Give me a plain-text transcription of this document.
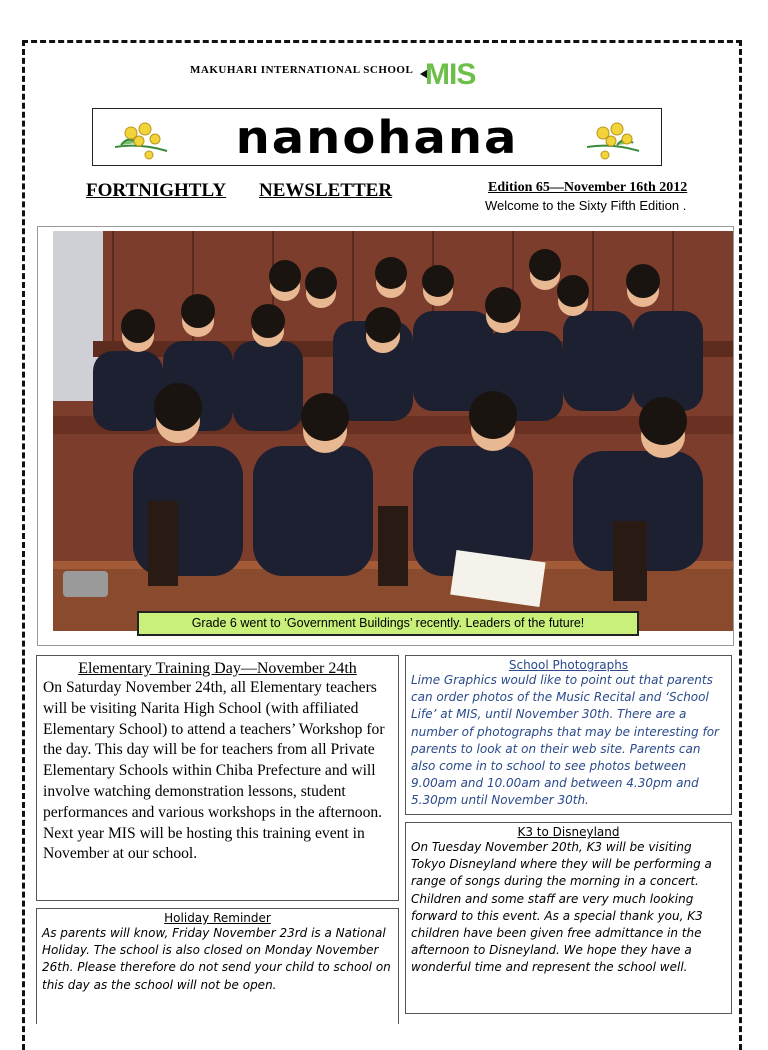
MAKUHARI INTERNATIONAL SCHOOL MIS
nanohana
FORTNIGHTLY NEWSLETTER	Edition 65—November 16th 2012
Welcome to the Sixty Fifth Edition .
Grade 6 went to ‘Government Buildings’ recently. Leaders of the future!
Elementary Training Day—November 24th

On Saturday November 24th, all Elementary teachers will be visiting Narita High School (with affiliated Elementary School) to attend a teachers’ Workshop for the day. This day will be for teachers from all Private Elementary Schools within Chiba Prefecture and will involve watching demonstration lessons, student performances and various workshops in the afternoon. Next year MIS will be hosting this training event in November at our school.

Holiday Reminder
As parents will know, Friday November 23rd is a National Holiday. The school is also closed on Monday November 26th. Please therefore do not send your child to school on this day as the school will not be open.
School Photographs
Lime Graphics would like to point out that parents can order photos of the Music Recital and ‘School Life’ at MIS, until November 30th. There are a number of photographs that may be interesting for parents to look at on their web site. Parents can also come in to school to see photos between 9.00am and 10.00am and between 4.30pm and 5.30pm until November 30th.
K3 to Disneyland
On Tuesday November 20th, K3 will be visiting Tokyo Disneyland where they will be performing a range of songs during the morning in a concert. Children and some staff are very much looking forward to this event. As a special thank you, K3 children have been given free admittance in the afternoon to Disneyland. We hope they have a wonderful time and represent the school well.
